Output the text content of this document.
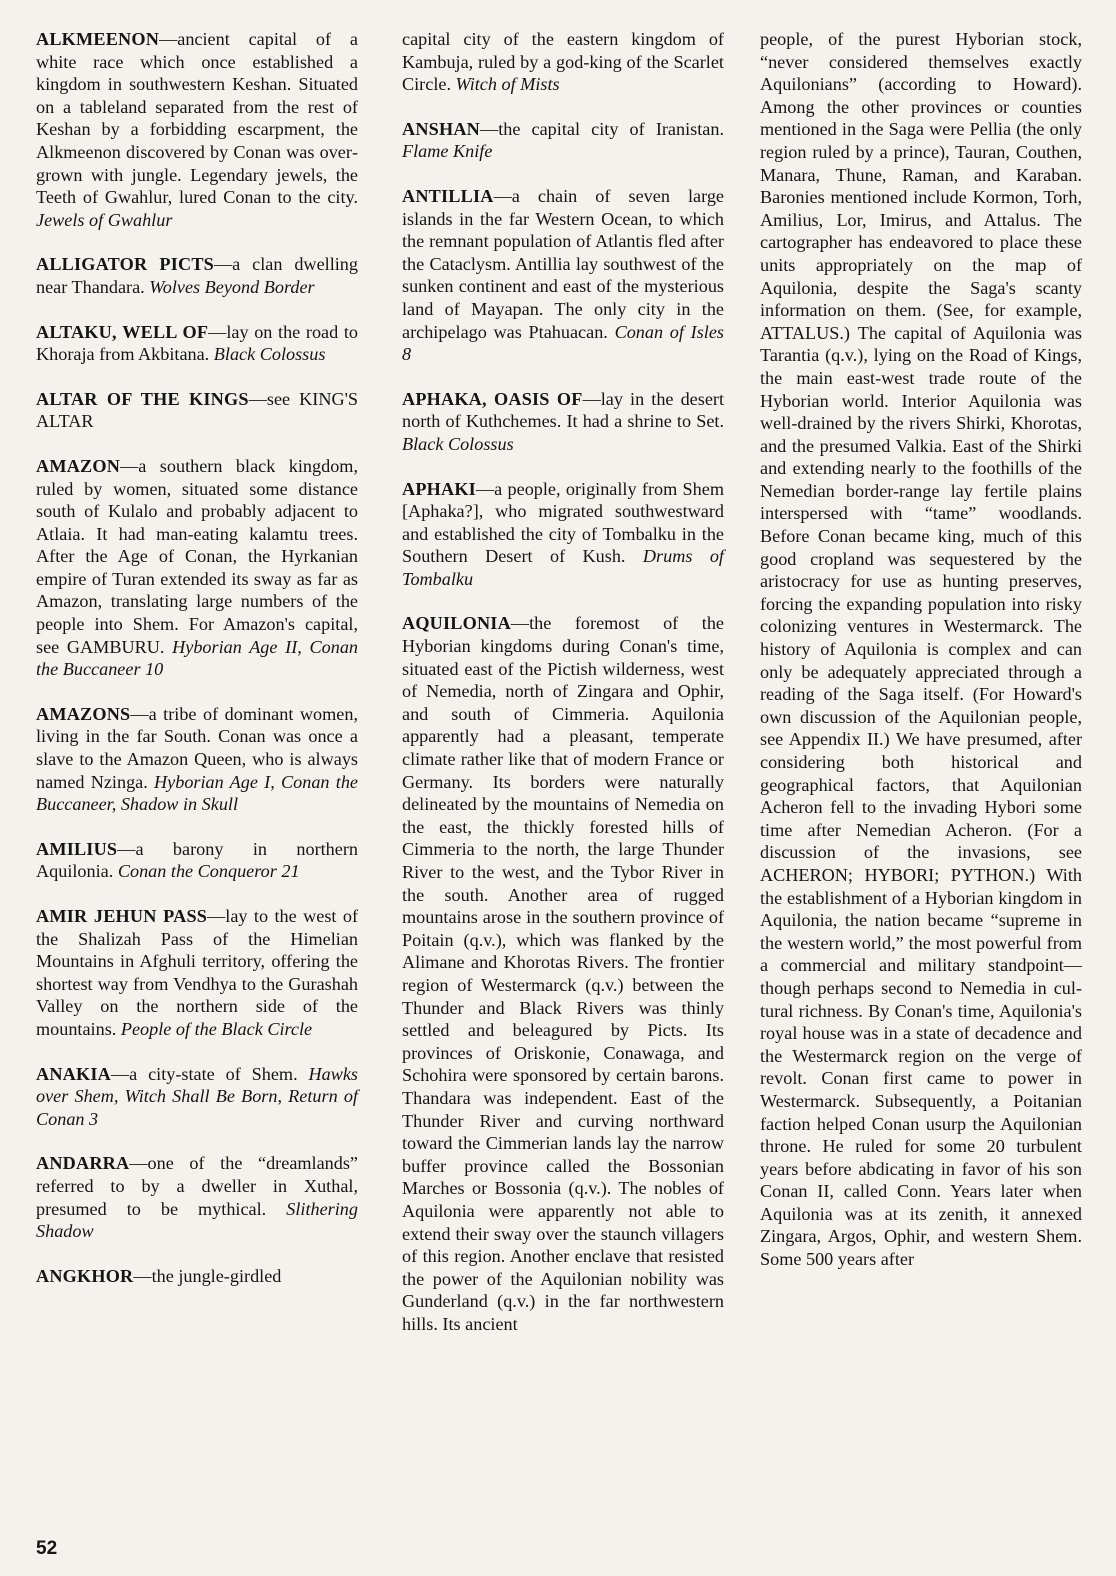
ALKMEENON—ancient capital of a white race which once established a kingdom in southwestern Keshan. Situated on a tableland separated from the rest of Keshan by a forbidding escarpment, the Alkmeenon discovered by Conan was overgrown with jungle. Legendary jewels, the Teeth of Gwahlur, lured Conan to the city. Jewels of Gwahlur

ALLIGATOR PICTS—a clan dwelling near Thandara. Wolves Beyond Border

ALTAKU, WELL OF—lay on the road to Khoraja from Akbitana. Black Colossus

ALTAR OF THE KINGS—see KING'S ALTAR

AMAZON—a southern black kingdom, ruled by women, situated some distance south of Kulalo and probably adjacent to Atlaia. It had man-eating kalamtu trees. After the Age of Conan, the Hyrkanian empire of Turan extended its sway as far as Amazon, translating large numbers of the people into Shem. For Amazon's capital, see GAMBURU. Hyborian Age II, Conan the Buccaneer 10

AMAZONS—a tribe of dominant women, living in the far South. Conan was once a slave to the Amazon Queen, who is always named Nzinga. Hyborian Age I, Conan the Buccaneer, Shadow in Skull

AMILIUS—a barony in northern Aquilonia. Conan the Conqueror 21

AMIR JEHUN PASS—lay to the west of the Shalizah Pass of the Himelian Mountains in Afghuli territory, offering the shortest way from Vendhya to the Gurashah Valley on the northern side of the mountains. People of the Black Circle

ANAKIA—a city-state of Shem. Hawks over Shem, Witch Shall Be Born, Return of Conan 3

ANDARRA—one of the “dreamlands” referred to by a dweller in Xuthal, presumed to be mythical. Slithering Shadow

ANGKHOR—the jungle-girdled

capital city of the eastern kingdom of Kambuja, ruled by a god-king of the Scarlet Circle. Witch of Mists

ANSHAN—the capital city of Iranistan. Flame Knife

ANTILLIA—a chain of seven large islands in the far Western Ocean, to which the remnant population of Atlantis fled after the Cataclysm. Antillia lay southwest of the sunken continent and east of the mysterious land of Mayapan. The only city in the archipelago was Ptahuacan. Conan of Isles 8

APHAKA, OASIS OF—lay in the desert north of Kuthchemes. It had a shrine to Set. Black Colossus

APHAKI—a people, originally from Shem [Aphaka?], who migrated southwestward and established the city of Tombalku in the Southern Desert of Kush. Drums of Tombalku

AQUILONIA—the foremost of the Hyborian kingdoms during Conan's time, situated east of the Pictish wilderness, west of Nemedia, north of Zingara and Ophir, and south of Cimmeria. Aquilonia apparently had a pleasant, temperate climate rather like that of modern France or Germany. Its borders were naturally delineated by the mountains of Nemedia on the east, the thickly forested hills of Cimmeria to the north, the large Thunder River to the west, and the Tybor River in the south. Another area of rugged mountains arose in the southern province of Poitain (q.v.), which was flanked by the Alimane and Khorotas Rivers. The frontier region of Westermarck (q.v.) between the Thunder and Black Rivers was thinly settled and beleagured by Picts. Its provinces of Oriskonie, Conawaga, and Schohira were sponsored by certain barons. Thandara was independent. East of the Thunder River and curving northward toward the Cimmerian lands lay the narrow buffer province called the Bossonian Marches or Bossonia (q.v.). The nobles of Aquilonia were apparently not able to extend their sway over the staunch villagers of this region. Another enclave that resisted the power of the Aquilonian nobility was Gunderland (q.v.) in the far northwestern hills. Its ancient

people, of the purest Hyborian stock, “never considered themselves exactly Aquilonians” (according to Howard). Among the other provinces or counties mentioned in the Saga were Pellia (the only region ruled by a prince), Tauran, Couthen, Manara, Thune, Raman, and Karaban. Baronies mentioned include Kormon, Torh, Amilius, Lor, Imirus, and Attalus. The cartographer has endeavored to place these units appropriately on the map of Aquilonia, despite the Saga's scanty information on them. (See, for example, ATTALUS.) The capital of Aquilonia was Tarantia (q.v.), lying on the Road of Kings, the main east-west trade route of the Hyborian world. Interior Aquilonia was well-drained by the rivers Shirki, Khorotas, and the presumed Valkia. East of the Shirki and extending nearly to the foothills of the Nemedian border-range lay fertile plains interspersed with “tame” woodlands. Before Conan became king, much of this good cropland was sequestered by the aristocracy for use as hunting preserves, forcing the expanding population into risky colonizing ventures in Westermarck. The history of Aquilonia is complex and can only be adequately appreciated through a reading of the Saga itself. (For Howard's own discussion of the Aquilonian people, see Appendix II.) We have presumed, after considering both historical and geographical factors, that Aquilonian Acheron fell to the invading Hybori some time after Nemedian Acheron. (For a discussion of the invasions, see ACHERON; HYBORI; PYTHON.) With the establishment of a Hyborian kingdom in Aquilonia, the nation became “supreme in the western world,” the most powerful from a commercial and military standpoint—though perhaps second to Nemedia in cultural richness. By Conan's time, Aquilonia's royal house was in a state of decadence and the Westermarck region on the verge of revolt. Conan first came to power in Westermarck. Subsequently, a Poitanian faction helped Conan usurp the Aquilonian throne. He ruled for some 20 turbulent years before abdicating in favor of his son Conan II, called Conn. Years later when Aquilonia was at its zenith, it annexed Zingara, Argos, Ophir, and western Shem. Some 500 years after

52
